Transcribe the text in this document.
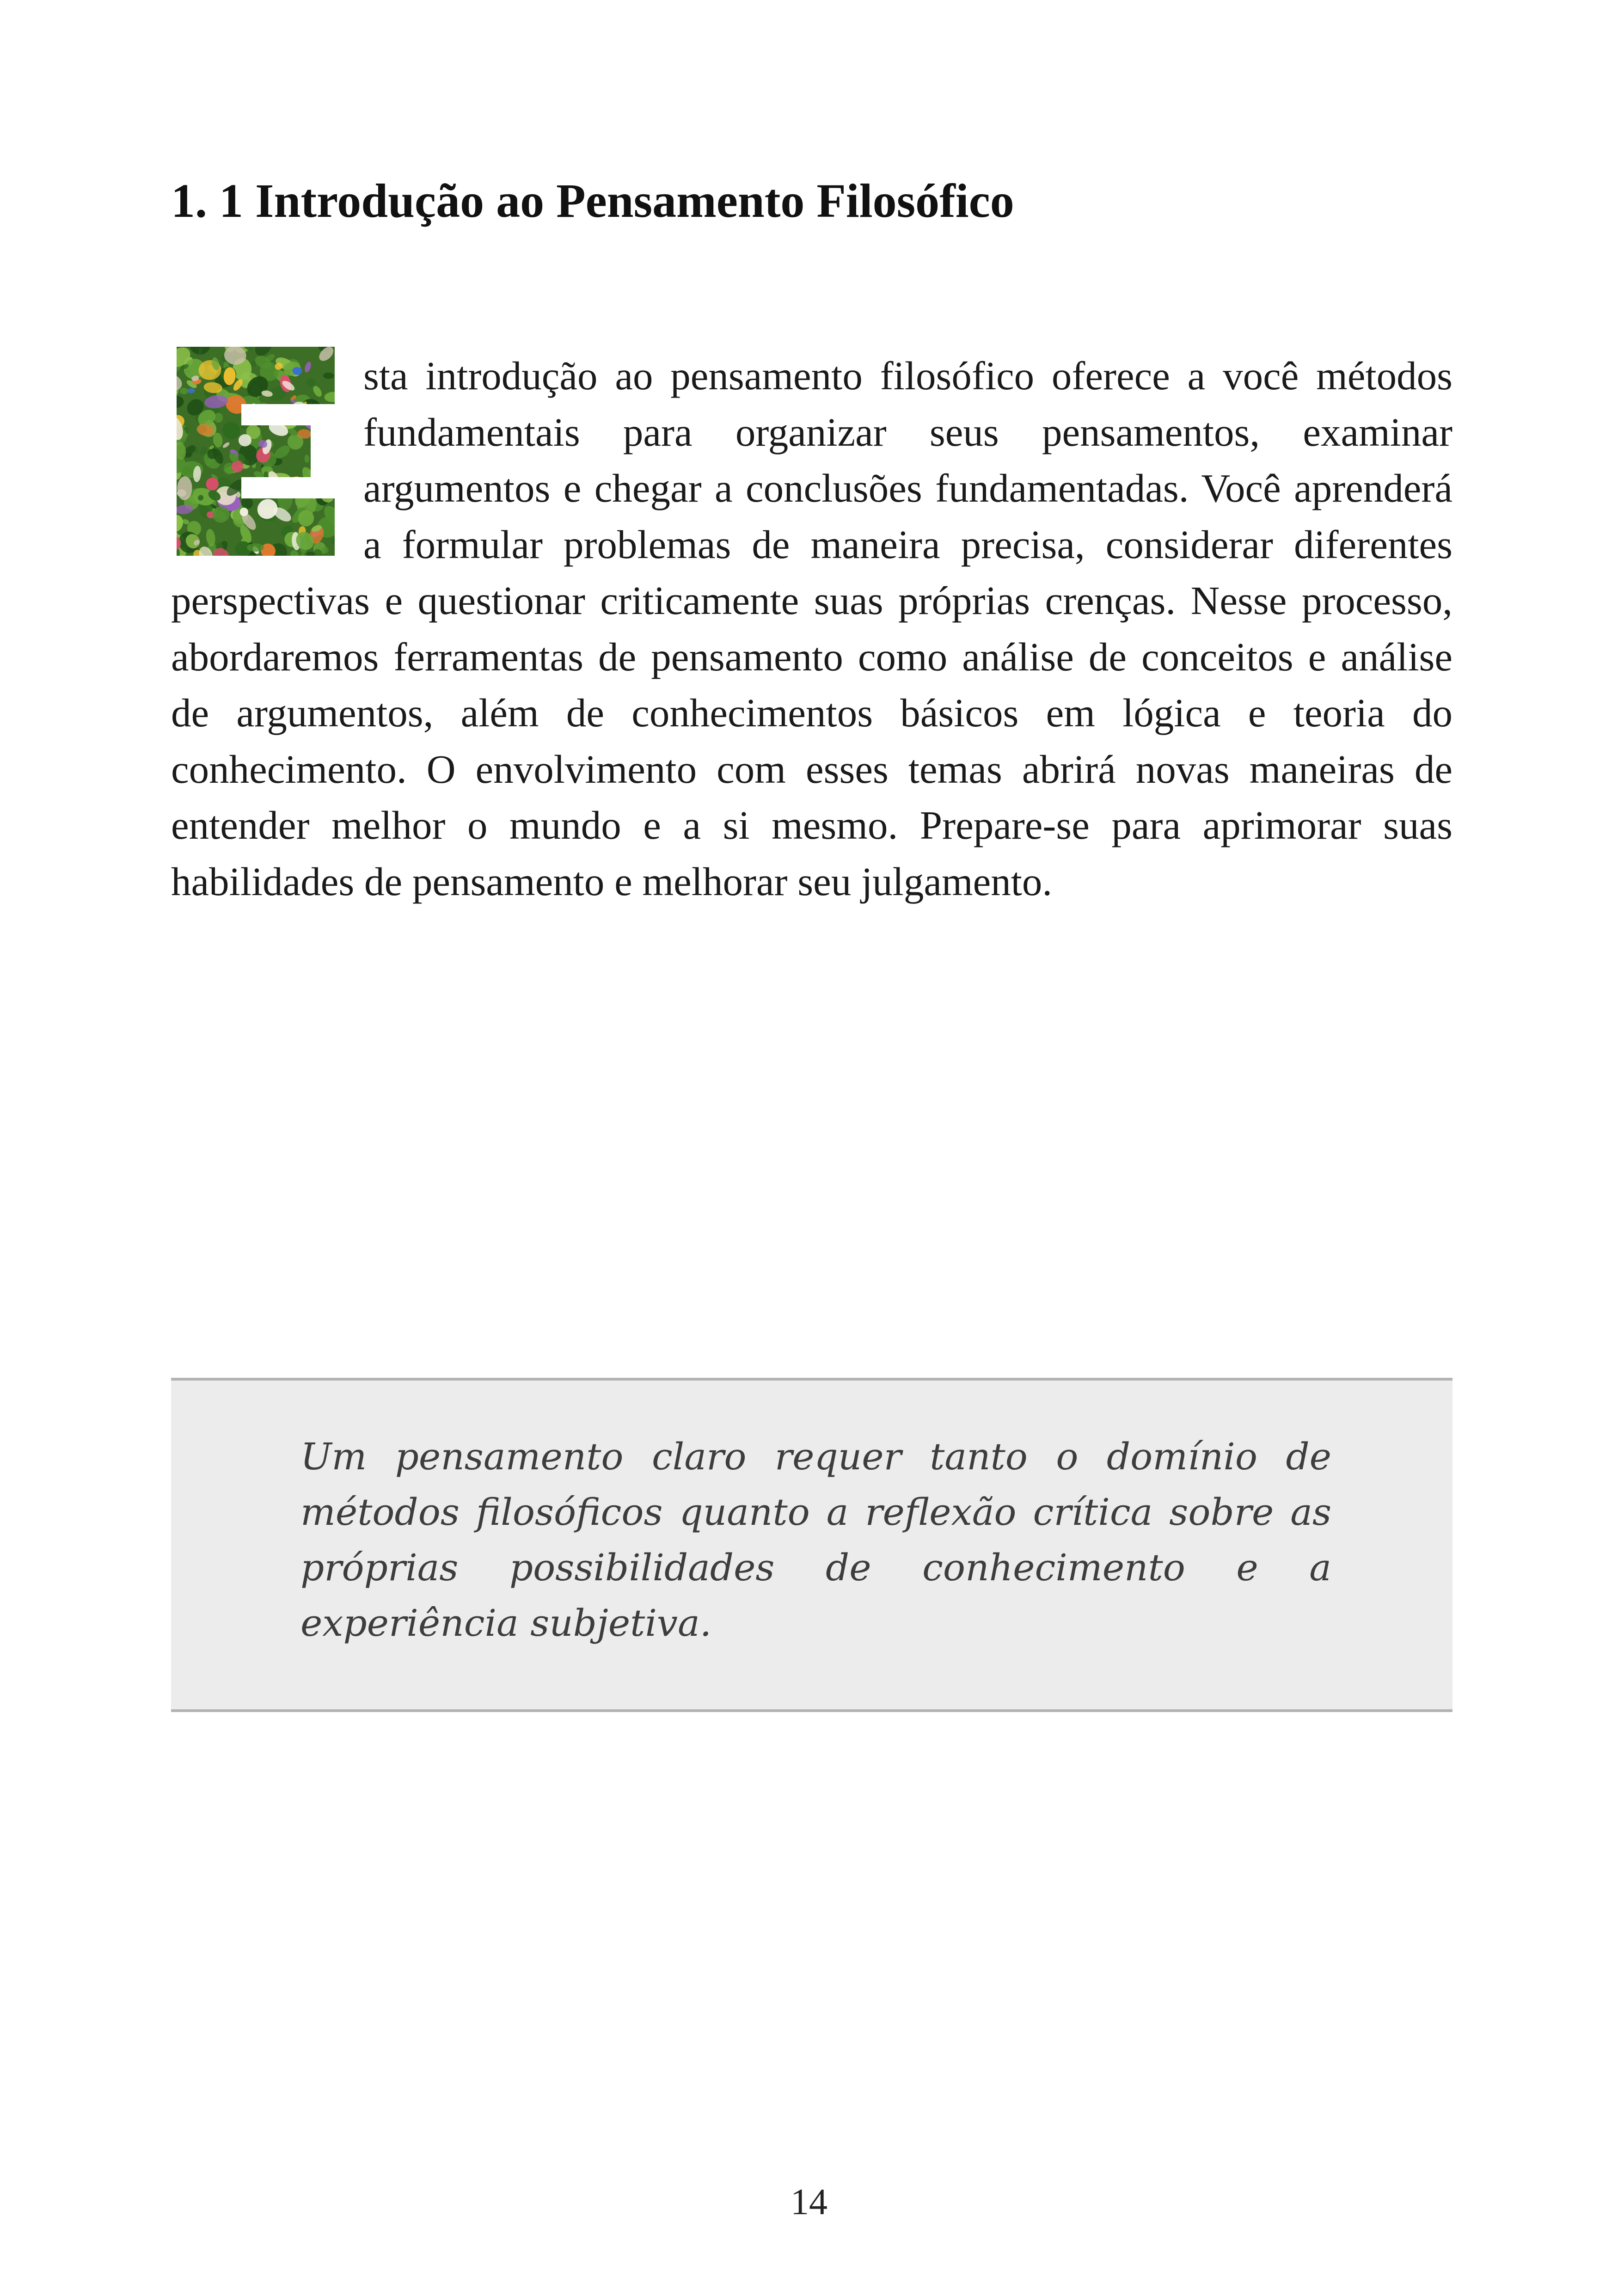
1. 1 Introdução ao Pensamento Filosófico
sta introdução ao pensamento filosófico oferece a você métodos fundamentais para organizar seus pensamentos, examinar argumentos e chegar a conclusões fundamentadas. Você aprenderá a formular problemas de maneira precisa, considerar diferentes perspectivas e questionar criticamente suas próprias crenças. Nesse processo, abordaremos ferramentas de pensamento como análise de conceitos e análise de argumentos, além de conhecimentos básicos em lógica e teoria do conhecimento. O envolvimento com esses temas abrirá novas maneiras de entender melhor o mundo e a si mesmo. Prepare-se para aprimorar suas habilidades de pensamento e melhorar seu julgamento.

Um pensamento claro requer tanto o domínio de métodos filosóficos quanto a reflexão crítica sobre as próprias possibilidades de conhecimento e a experiência subjetiva.

14
